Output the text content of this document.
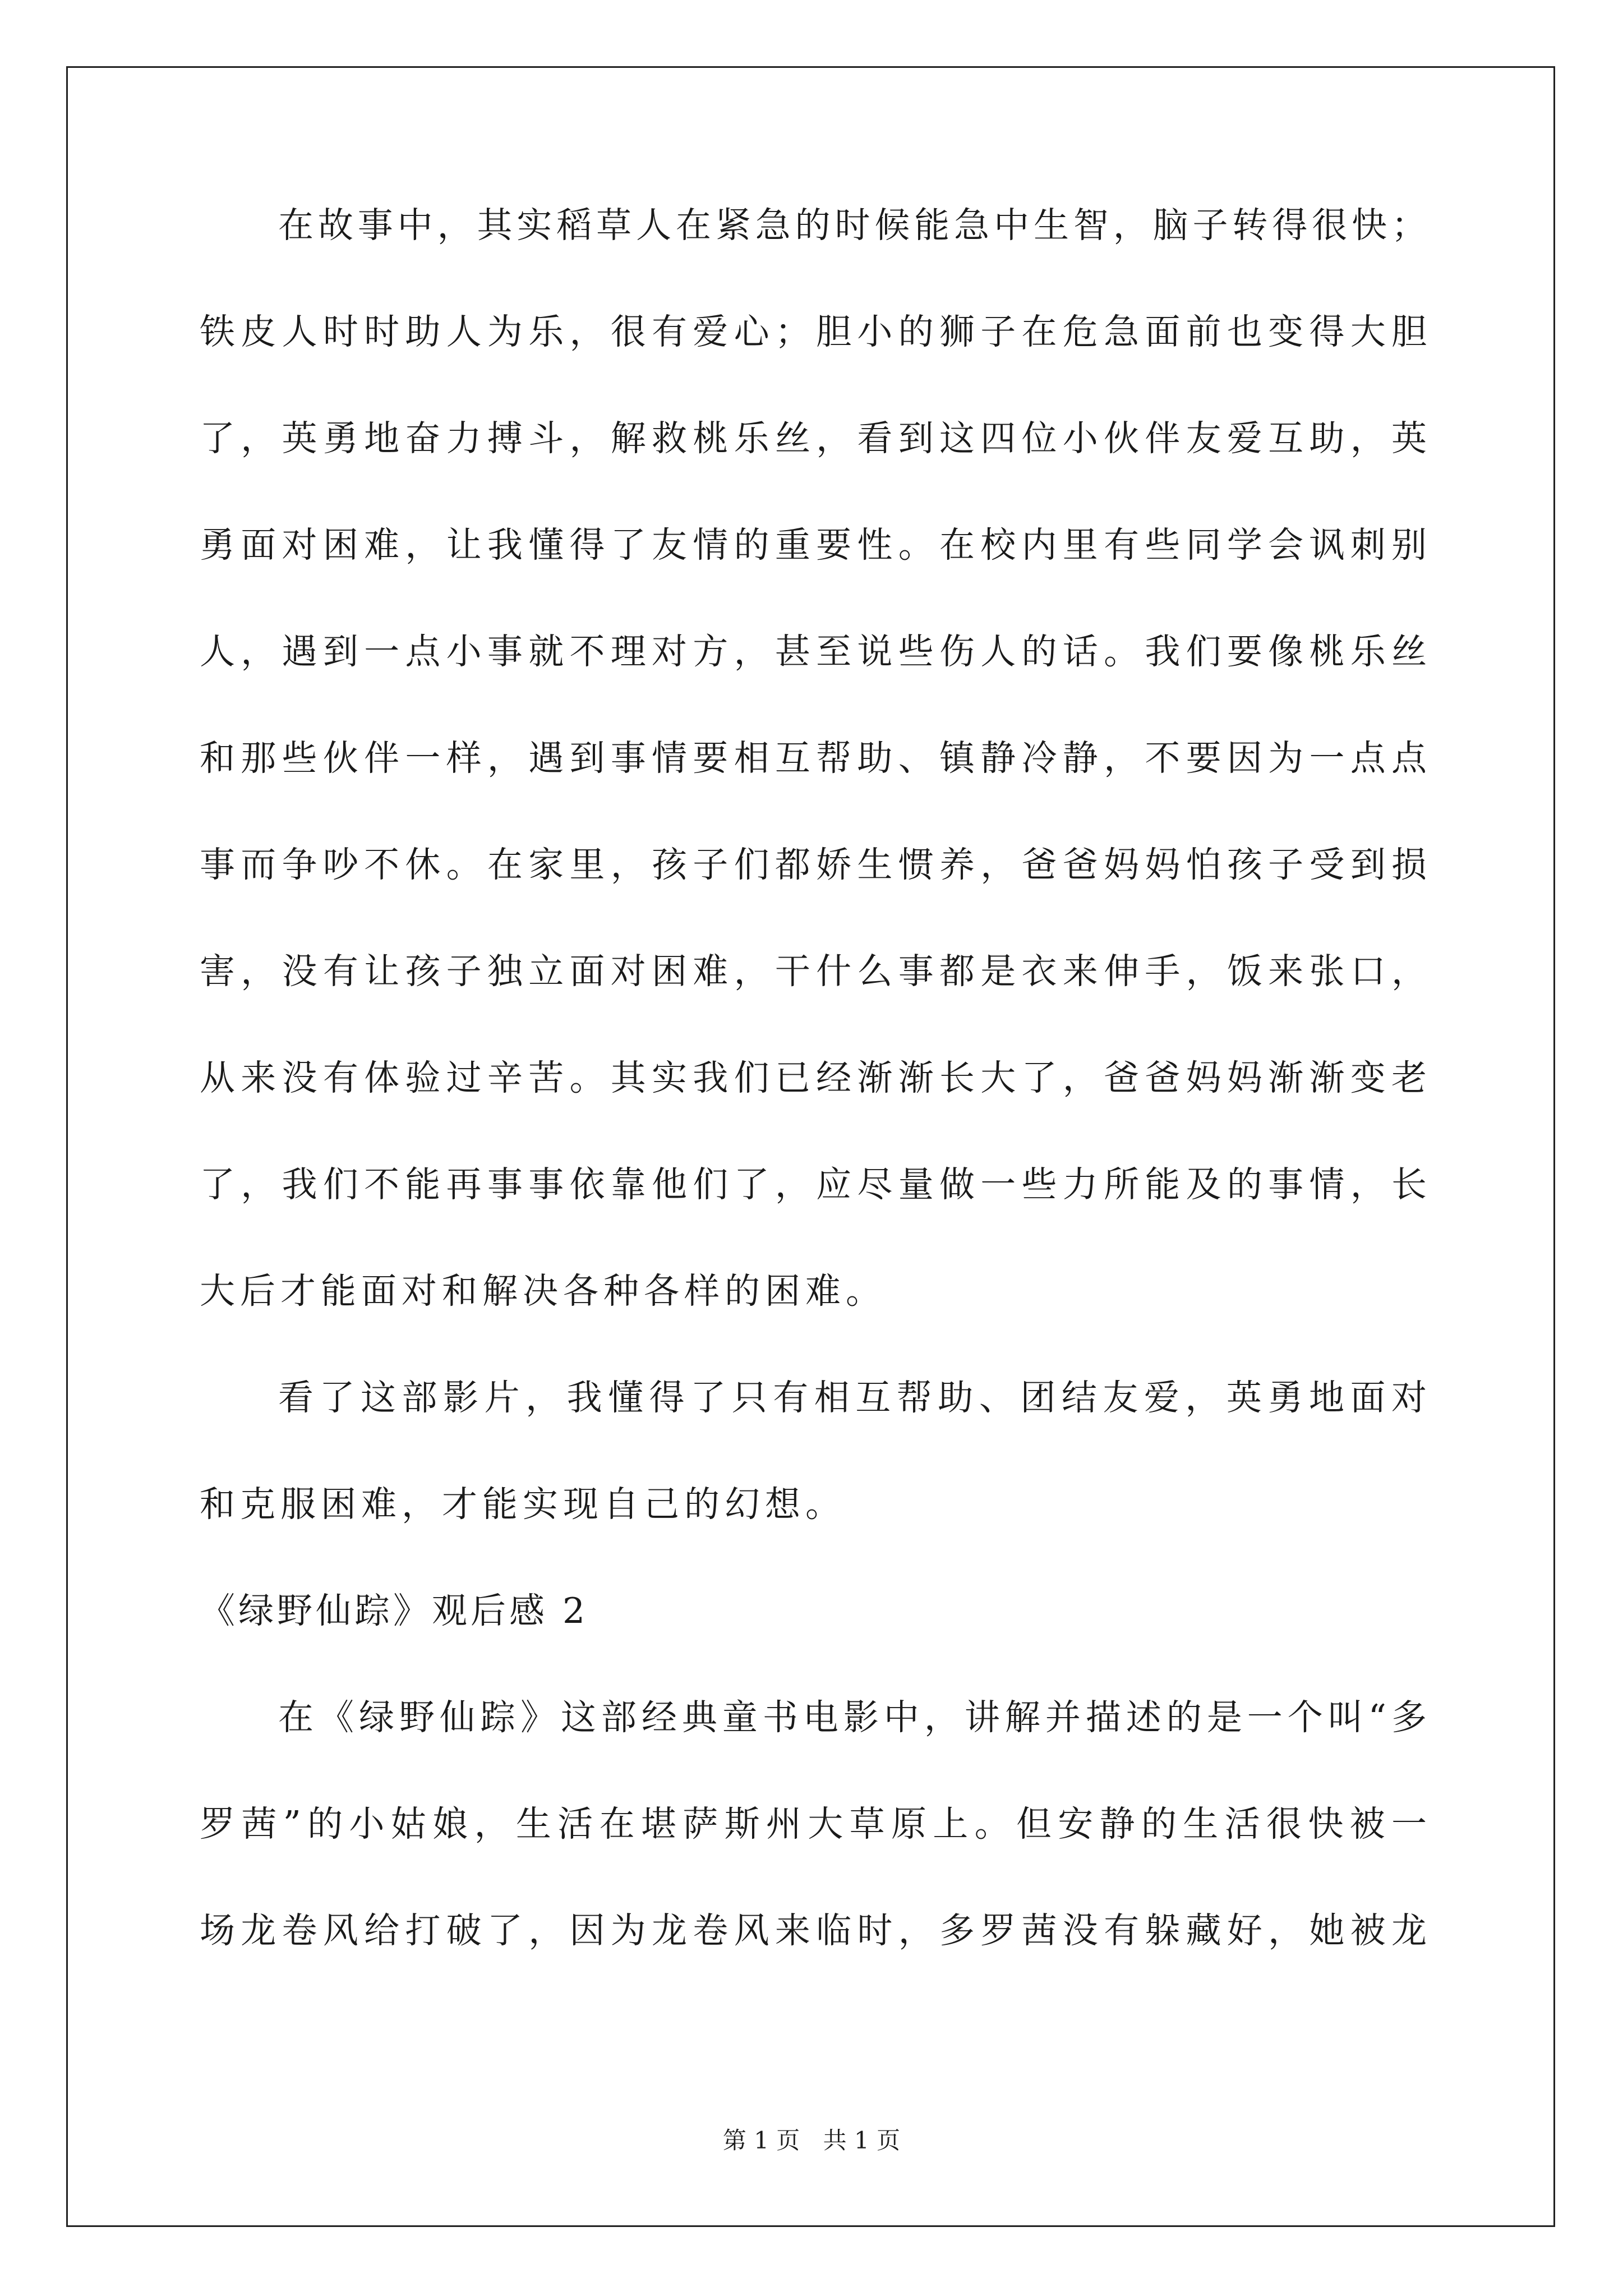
在故事中，其实稻草人在紧急的时候能急中生智，脑子转得很快；
铁皮人时时助人为乐，很有爱心；胆小的狮子在危急面前也变得大胆
了，英勇地奋力搏斗，解救桃乐丝，看到这四位小伙伴友爱互助，英
勇面对困难，让我懂得了友情的重要性。在校内里有些同学会讽刺别
人，遇到一点小事就不理对方，甚至说些伤人的话。我们要像桃乐丝
和那些伙伴一样，遇到事情要相互帮助、镇静冷静，不要因为一点点
事而争吵不休。在家里，孩子们都娇生惯养，爸爸妈妈怕孩子受到损
害，没有让孩子独立面对困难，干什么事都是衣来伸手，饭来张口，
从来没有体验过辛苦。其实我们已经渐渐长大了，爸爸妈妈渐渐变老
了，我们不能再事事依靠他们了，应尽量做一些力所能及的事情，长
大后才能面对和解决各种各样的困难。
看了这部影片，我懂得了只有相互帮助、团结友爱，英勇地面对
和克服困难，才能实现自己的幻想。
《绿野仙踪》观后感 2
在《绿野仙踪》这部经典童书电影中，讲解并描述的是一个叫“多
罗茜”的小姑娘，生活在堪萨斯州大草原上。但安静的生活很快被一
场龙卷风给打破了，因为龙卷风来临时，多罗茜没有躲藏好，她被龙
第 1 页 共 1 页
